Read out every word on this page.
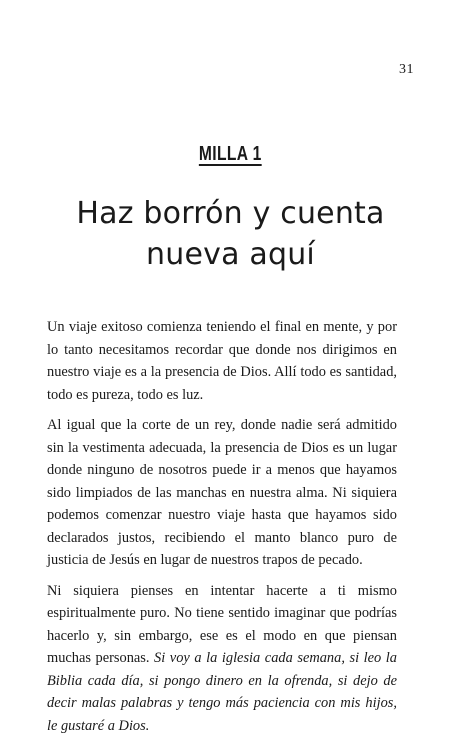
31
MILLA 1
Haz borrón y cuenta
nueva aquí

Un viaje exitoso comienza teniendo el final en mente, y por lo tanto necesitamos recordar que donde nos dirigimos en nuestro viaje es a la presencia de Dios. Allí todo es santidad, todo es pureza, todo es luz.

Al igual que la corte de un rey, donde nadie será admitido sin la vestimenta adecuada, la presencia de Dios es un lugar donde ninguno de nosotros puede ir a menos que hayamos sido limpiados de las manchas en nuestra alma. Ni siquiera podemos comenzar nuestro viaje hasta que hayamos sido declarados justos, recibiendo el manto blanco puro de justicia de Jesús en lugar de nuestros trapos de pecado.

Ni siquiera pienses en intentar hacerte a ti mismo espiritualmente puro. No tiene sentido imaginar que podrías hacerlo y, sin embargo, ese es el modo en que piensan muchas personas. Si voy a la iglesia cada semana, si leo la Biblia cada día, si pongo dinero en la ofrenda, si dejo de decir malas palabras y tengo más paciencia con mis hijos, le gustaré a Dios.
